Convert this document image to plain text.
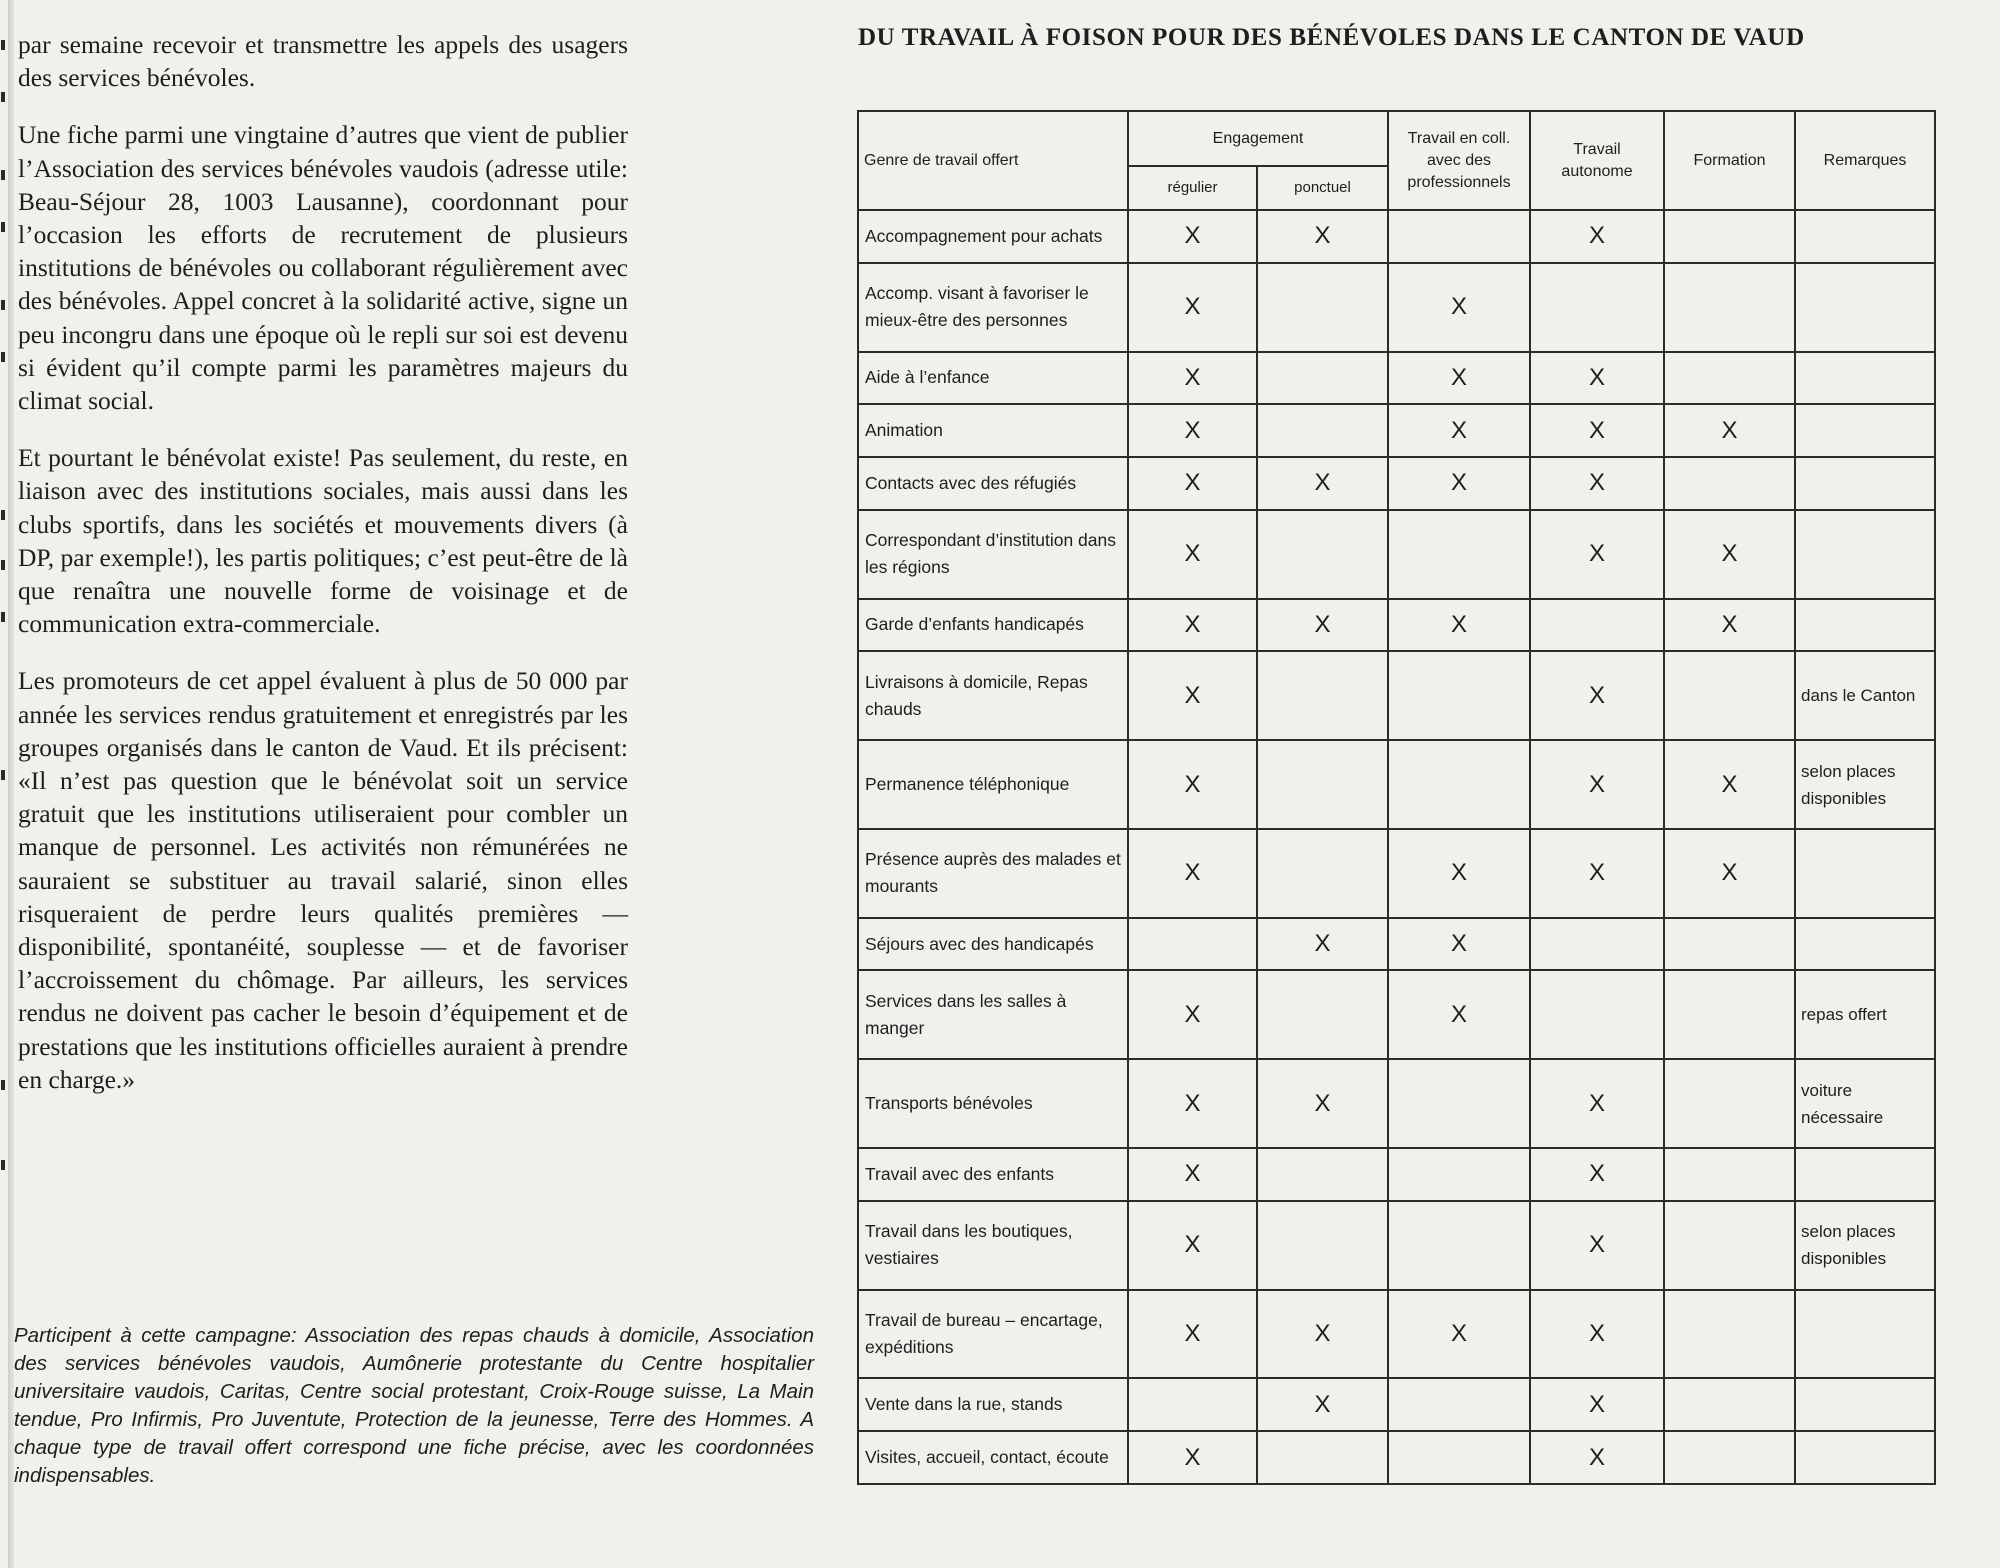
par semaine recevoir et transmettre les appels des usagers des services bénévoles.

Une fiche parmi une vingtaine d’autres que vient de publier l’Association des services bénévoles vaudois (adresse utile: Beau-Séjour 28, 1003 Lausanne), coordonnant pour l’occasion les efforts de recrutement de plusieurs institutions de bénévoles ou collaborant régulièrement avec des bénévoles. Appel concret à la solidarité active, signe un peu incongru dans une époque où le repli sur soi est devenu si évident qu’il compte parmi les paramètres majeurs du climat social.

Et pourtant le bénévolat existe! Pas seulement, du reste, en liaison avec des institutions sociales, mais aussi dans les clubs sportifs, dans les sociétés et mouvements divers (à DP, par exemple!), les partis politiques; c’est peut-être de là que renaîtra une nouvelle forme de voisinage et de communication extra-commerciale.

Les promoteurs de cet appel évaluent à plus de 50 000 par année les services rendus gratuitement et enregistrés par les groupes organisés dans le canton de Vaud. Et ils précisent: «Il n’est pas question que le bénévolat soit un service gratuit que les institutions utiliseraient pour combler un manque de personnel. Les activités non rémunérées ne sauraient se substituer au travail salarié, sinon elles risqueraient de perdre leurs qualités premières — disponibilité, spontanéité, souplesse — et de favoriser l’accroissement du chômage. Par ailleurs, les services rendus ne doivent pas cacher le besoin d’équipement et de prestations que les institutions officielles auraient à prendre en charge.»

Participent à cette campagne: Association des repas chauds à domicile, Association des services bénévoles vaudois, Aumônerie protestante du Centre hospitalier universitaire vaudois, Caritas, Centre social protestant, Croix-Rouge suisse, La Main tendue, Pro Infirmis, Pro Juventute, Protection de la jeunesse, Terre des Hommes. A chaque type de travail offert correspond une fiche précise, avec les coordonnées indispensables.

DU TRAVAIL À FOISON POUR DES BÉNÉVOLES DANS LE CANTON DE VAUD
Genre de travail offert	Engagement		Travail en coll. avec des professionnels	Travail autonome	Formation	Remarques
	régulier	ponctuel				
Accompagnement pour achats	X	X		X		
Accomp. visant à favoriser le mieux-être des personnes	X		X			
Aide à l’enfance	X		X	X		
Animation	X		X	X	X	
Contacts avec des réfugiés	X	X	X	X		
Correspondant d’institution dans les régions	X			X	X	
Garde d’enfants handicapés	X	X	X		X	
Livraisons à domicile, Repas chauds	X			X		dans le Canton
Permanence téléphonique	X			X	X	selon places disponibles
Présence auprès des malades et mourants	X		X	X	X	
Séjours avec des handicapés		X	X			
Services dans les salles à manger	X		X			repas offert
Transports bénévoles	X	X		X		voiture nécessaire
Travail avec des enfants	X			X		
Travail dans les boutiques, vestiaires	X			X		selon places disponibles
Travail de bureau – encartage, expéditions	X	X	X	X		
Vente dans la rue, stands		X		X		
Visites, accueil, contact, écoute	X			X		
